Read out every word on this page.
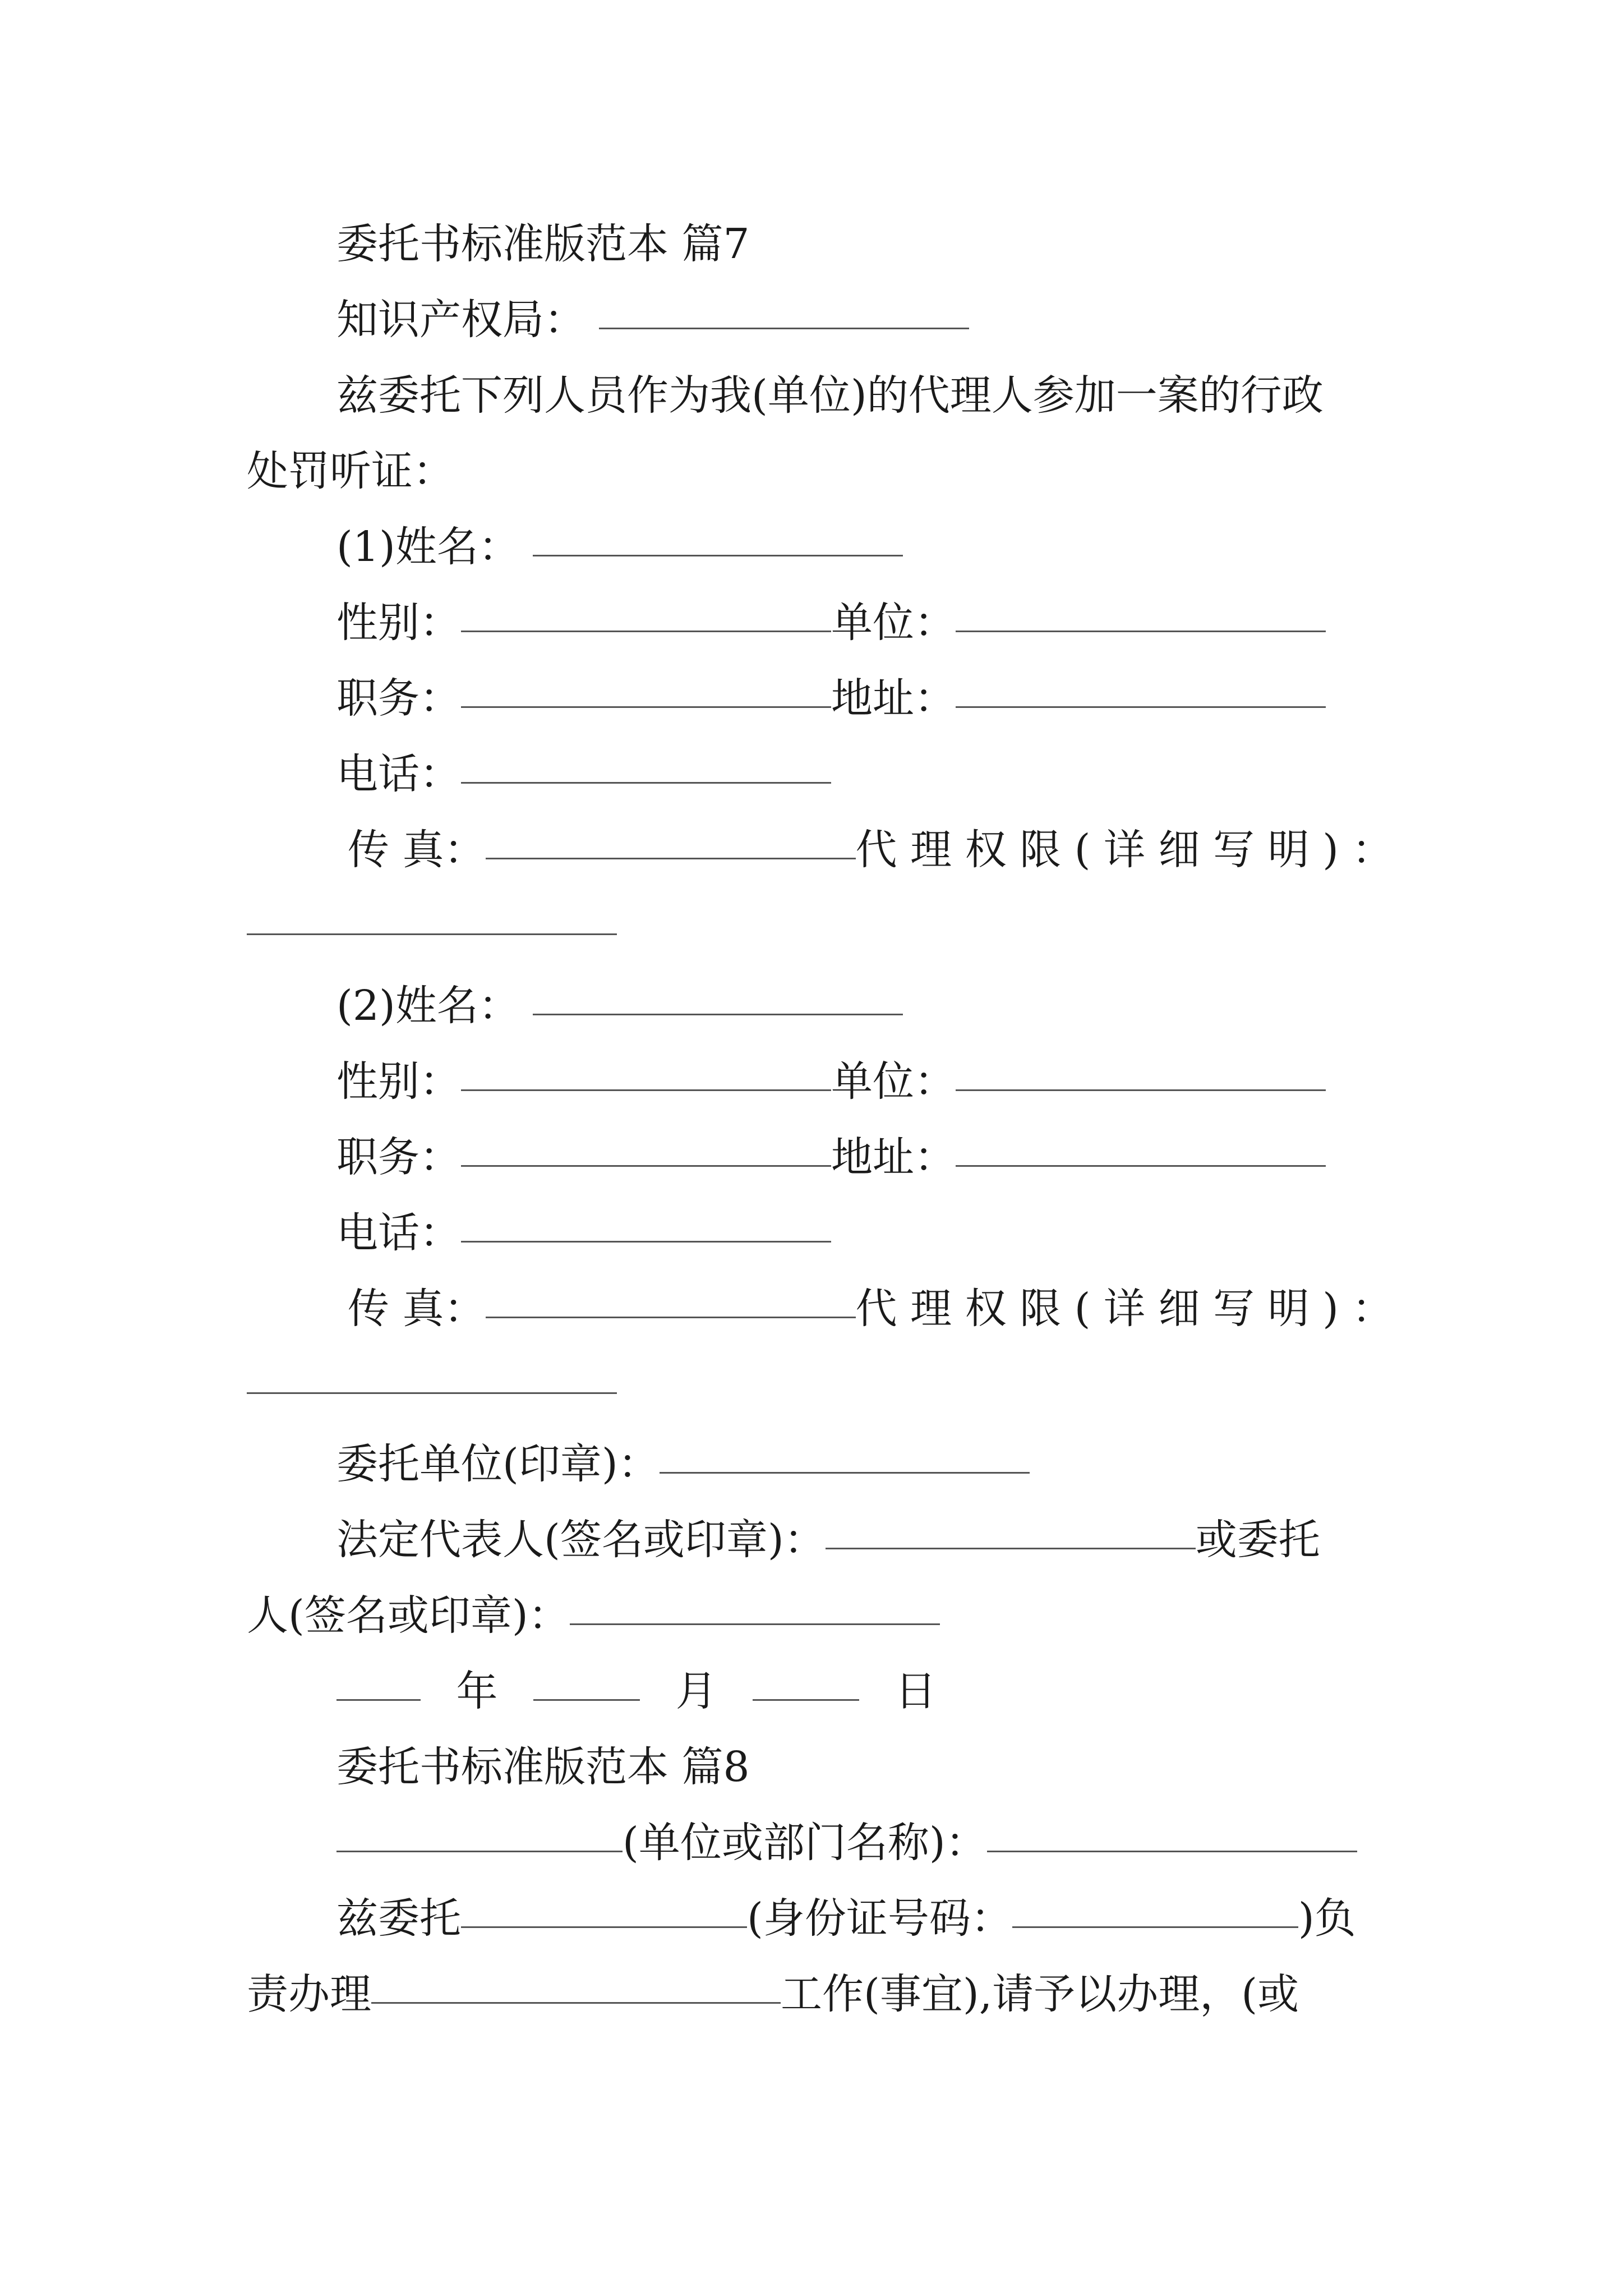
委托书标准版范本 篇7
知识产权局：
兹委托下列人员作为我(单位)的代理人参加一案的行政
处罚听证：
(1)姓名：
性别：	单位：
职务：	地址：
电话：
传 真：	代 理 权 限 ( 详 细 写 明 ) ：
(2)姓名：
性别：	单位：
职务：	地址：
电话：
传 真：	代 理 权 限 ( 详 细 写 明 ) ：
委托单位(印章)：
法定代表人(签名或印章)：	或委托
人(签名或印章)：
年	月	日
委托书标准版范本 篇8
(单位或部门名称)：
兹委托	(身份证号码：	)负
责办理	工作(事宜),请予以办理，(或
